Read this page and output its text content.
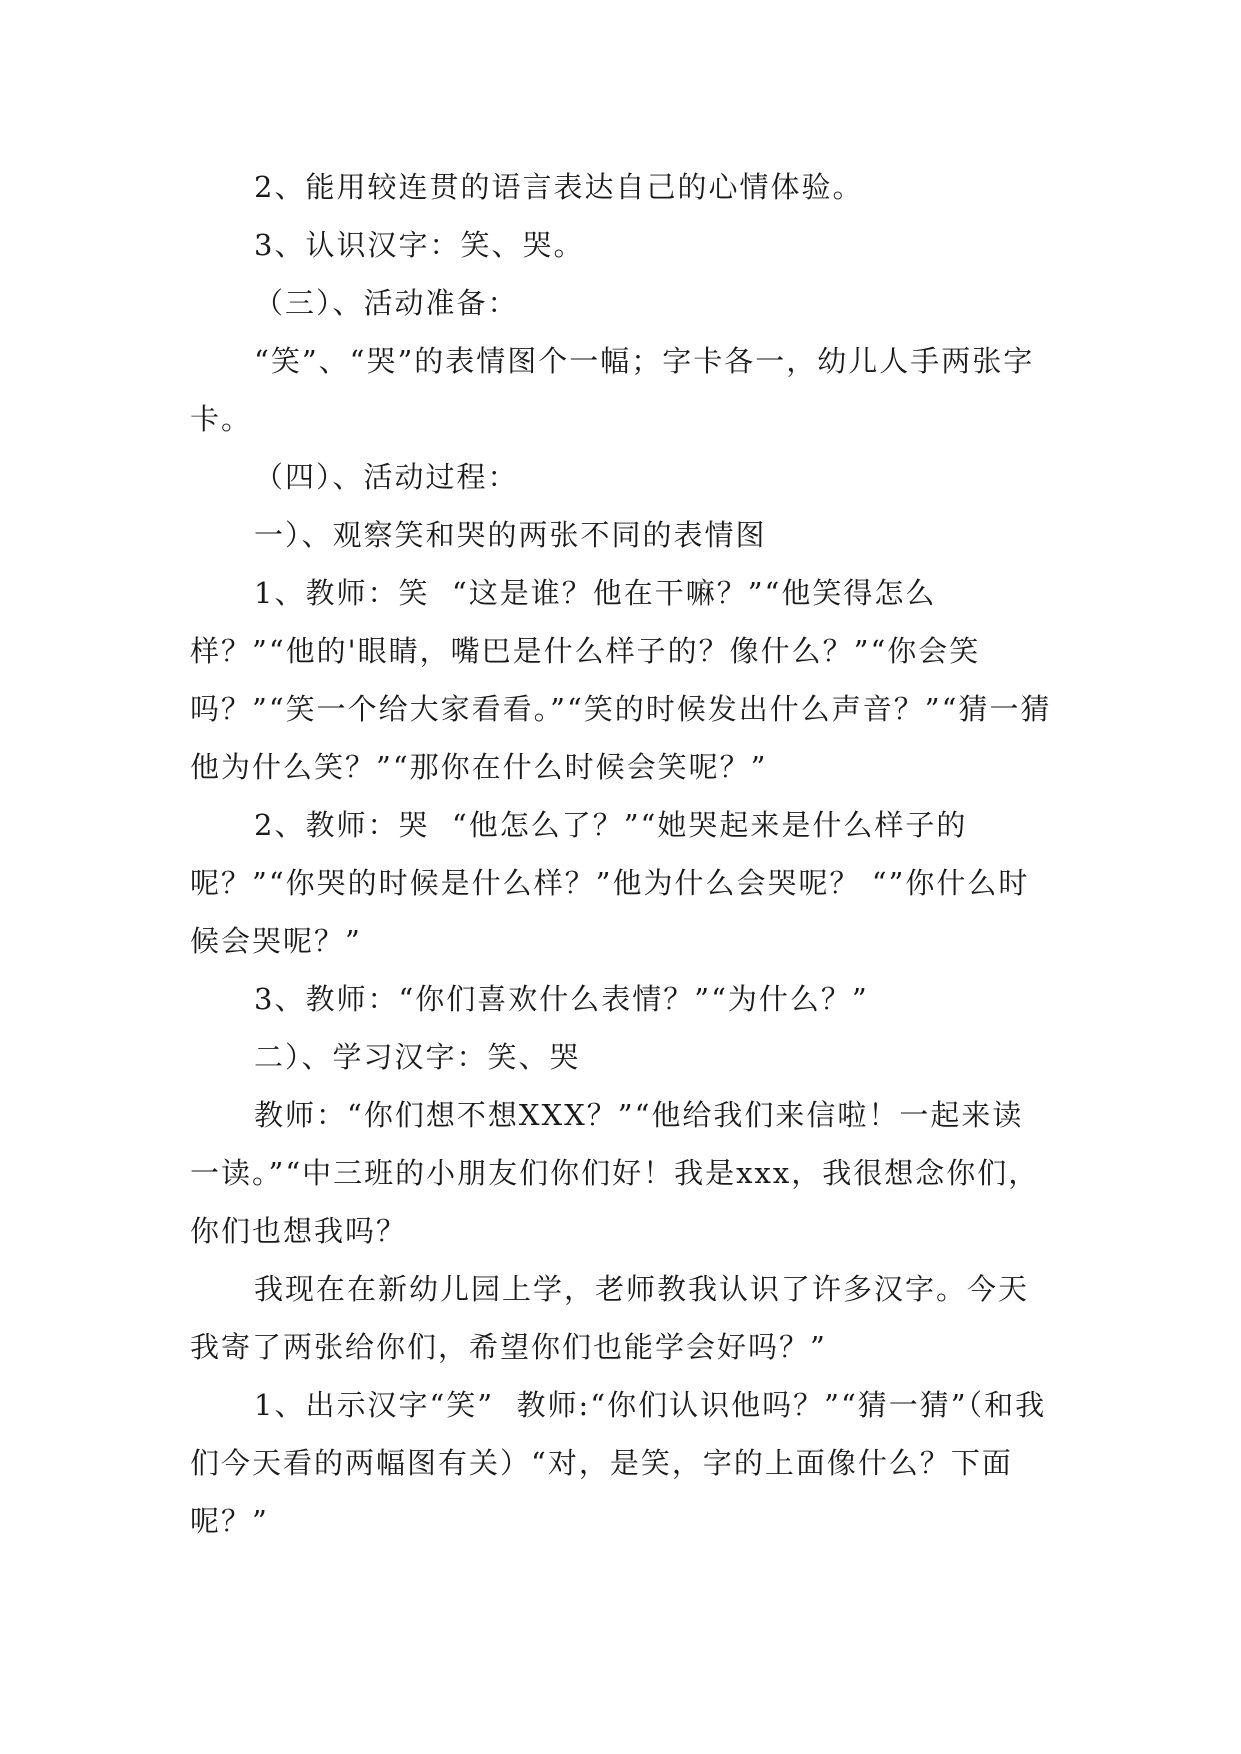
2、能用较连贯的语言表达自己的心情体验。

3、认识汉字：笑、哭。

（三）、活动准备：

“笑”、“哭”的表情图个一幅；字卡各一，幼儿人手两张字卡。

（四）、活动过程：

一）、观察笑和哭的两张不同的表情图

1、教师：笑  “这是谁？他在干嘛？”“他笑得怎么样？”“他的'眼睛，嘴巴是什么样子的？像什么？”“你会笑吗？”“笑一个给大家看看。”“笑的时候发出什么声音？”“猜一猜他为什么笑？”“那你在什么时候会笑呢？”

2、教师：哭  “他怎么了？”“她哭起来是什么样子的呢？”“你哭的时候是什么样？”他为什么会哭呢？ “”你什么时候会哭呢？”

3、教师：“你们喜欢什么表情？”“为什么？”

二）、学习汉字：笑、哭

教师：“你们想不想XXX？”“他给我们来信啦！一起来读一读。”“中三班的小朋友们你们好！我是xxx，我很想念你们，你们也想我吗？

我现在在新幼儿园上学，老师教我认识了许多汉字。今天我寄了两张给你们，希望你们也能学会好吗？”

1、出示汉字“笑”  教师:“你们认识他吗？”“猜一猜”（和我们今天看的两幅图有关）“对，是笑，字的上面像什么？下面呢？”
